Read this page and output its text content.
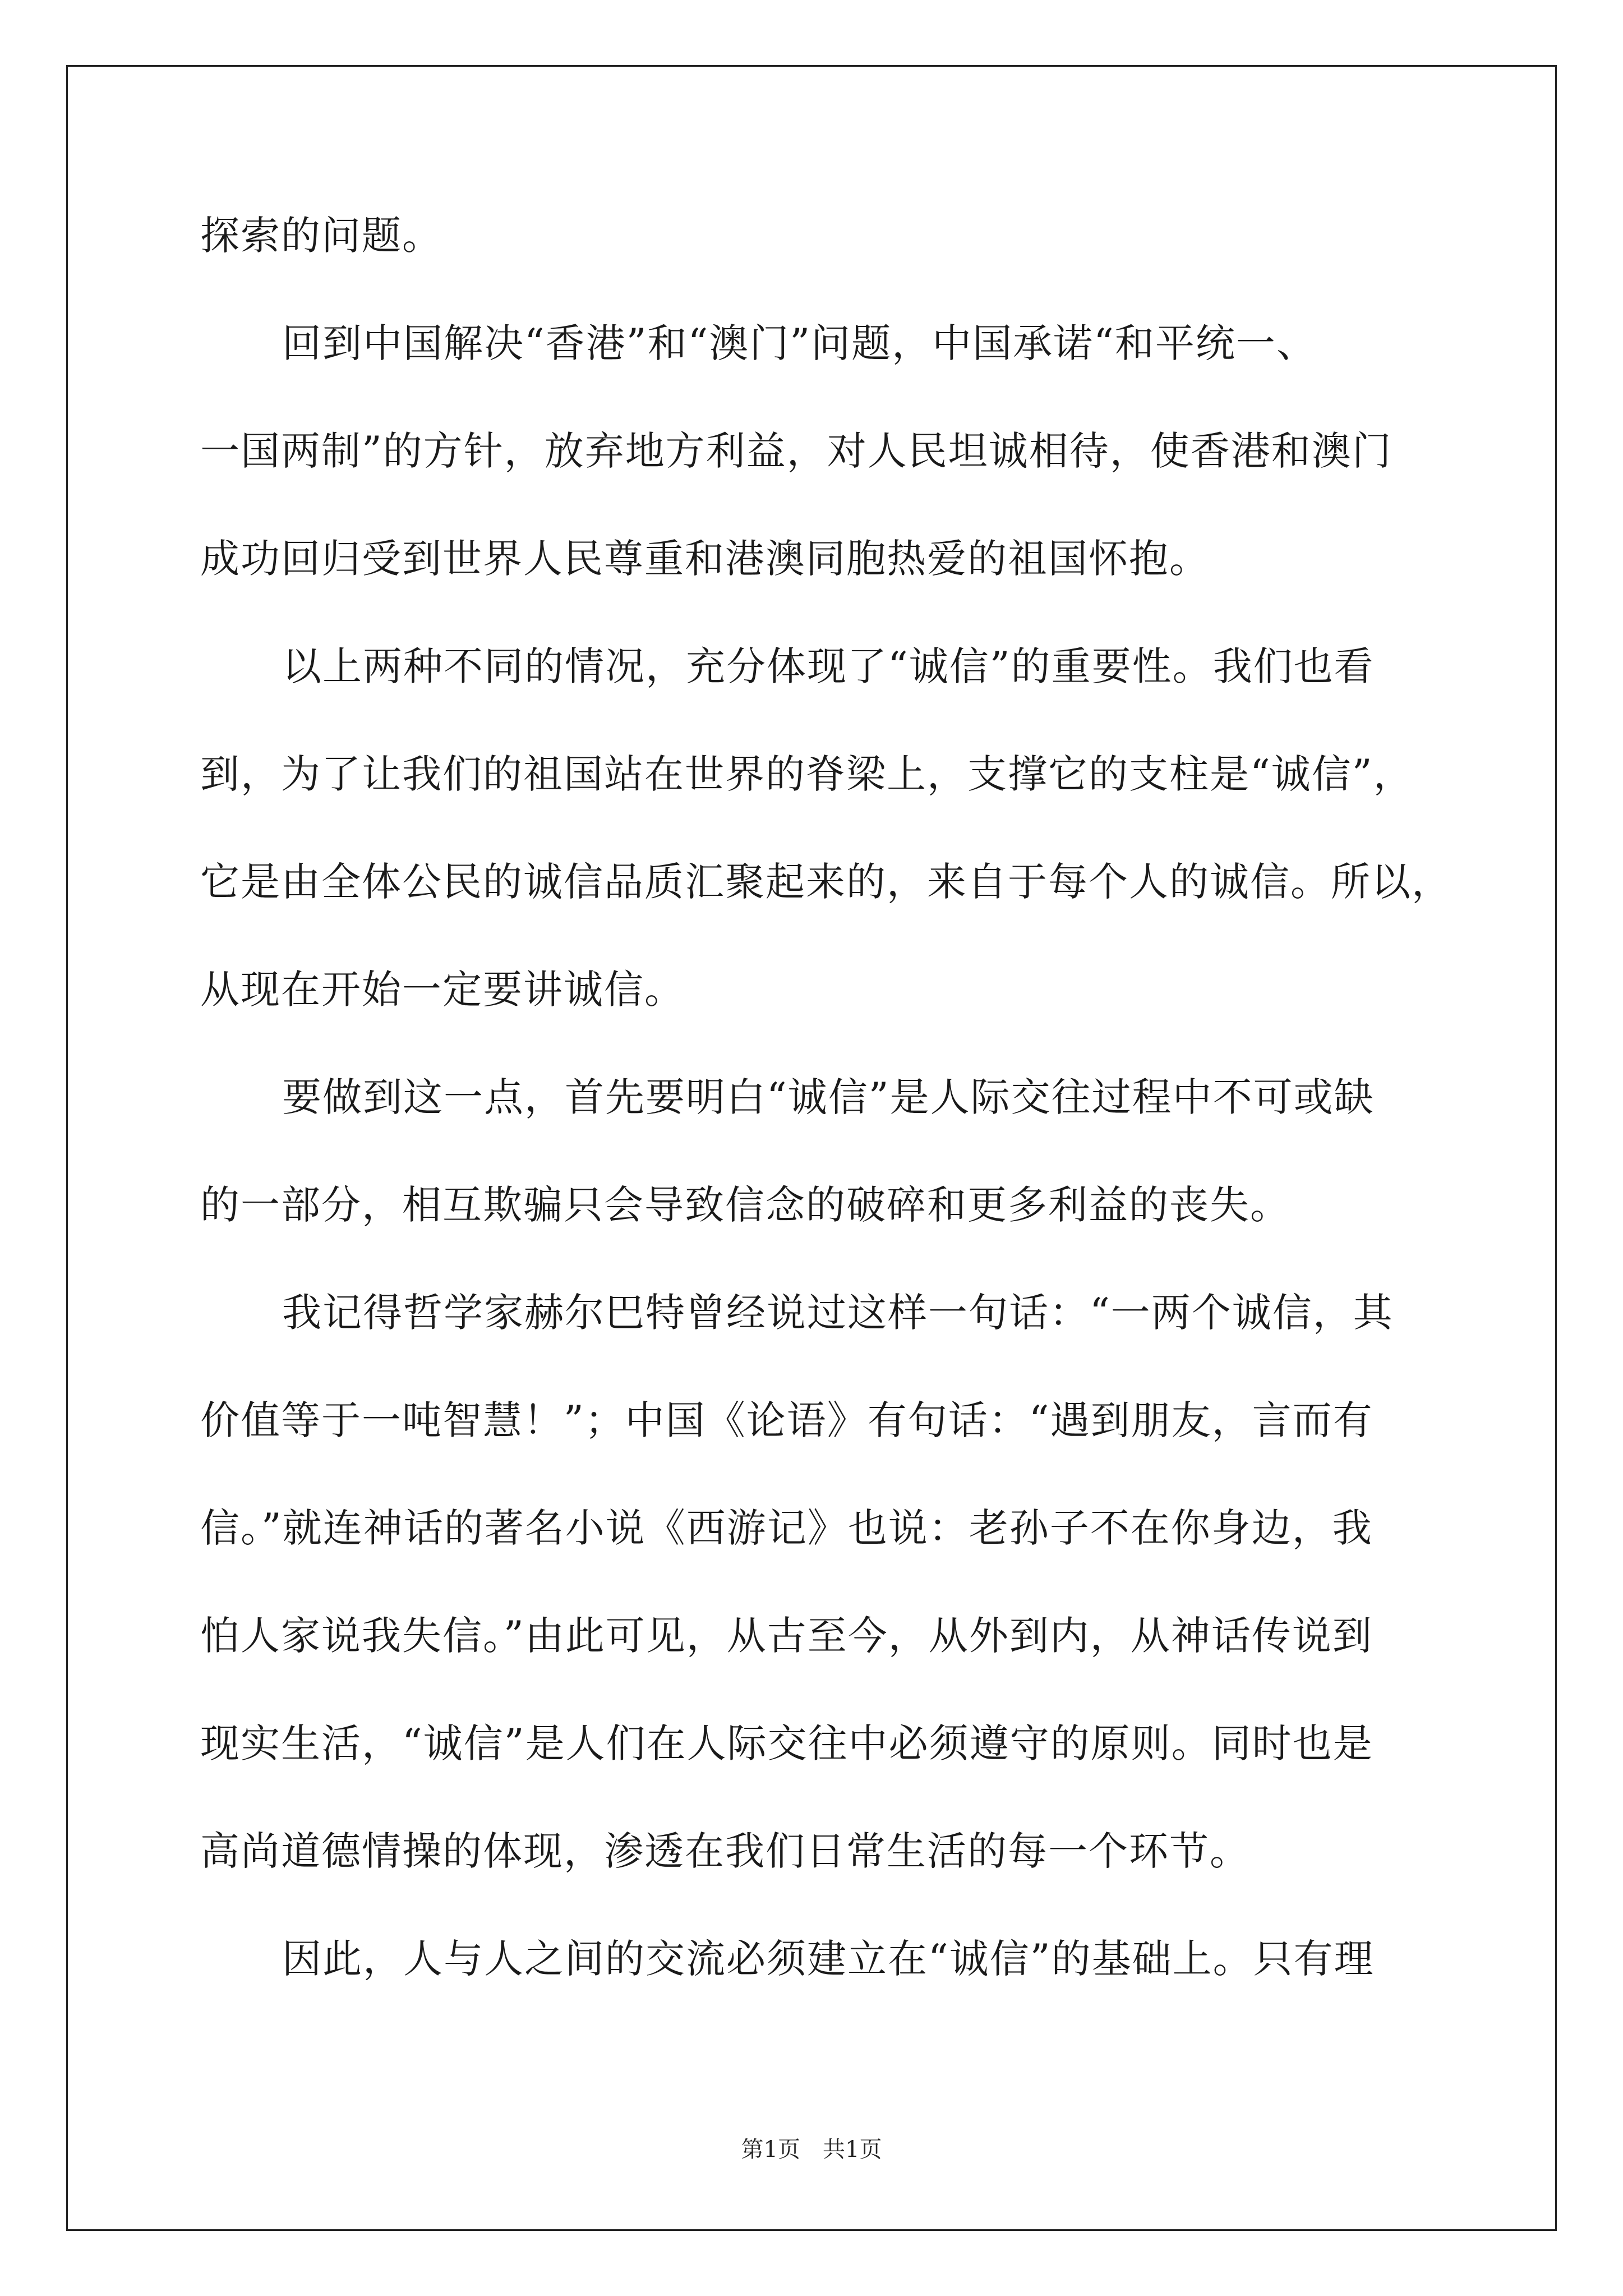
探索的问题。
回到中国解决“香港”和“澳门”问题，中国承诺“和平统一、
一国两制”的方针，放弃地方利益，对人民坦诚相待，使香港和澳门
成功回归受到世界人民尊重和港澳同胞热爱的祖国怀抱。
以上两种不同的情况，充分体现了“诚信”的重要性。我们也看
到，为了让我们的祖国站在世界的脊梁上，支撑它的支柱是“诚信”，
它是由全体公民的诚信品质汇聚起来的，来自于每个人的诚信。所以，
从现在开始一定要讲诚信。
要做到这一点，首先要明白“诚信”是人际交往过程中不可或缺
的一部分，相互欺骗只会导致信念的破碎和更多利益的丧失。
我记得哲学家赫尔巴特曾经说过这样一句话：“一两个诚信，其
价值等于一吨智慧！”；中国《论语》有句话：“遇到朋友，言而有
信。”就连神话的著名小说《西游记》也说：老孙子不在你身边，我
怕人家说我失信。”由此可见，从古至今，从外到内，从神话传说到
现实生活，“诚信”是人们在人际交往中必须遵守的原则。同时也是
高尚道德情操的体现，渗透在我们日常生活的每一个环节。
因此，人与人之间的交流必须建立在“诚信”的基础上。只有理
第1页　共1页
